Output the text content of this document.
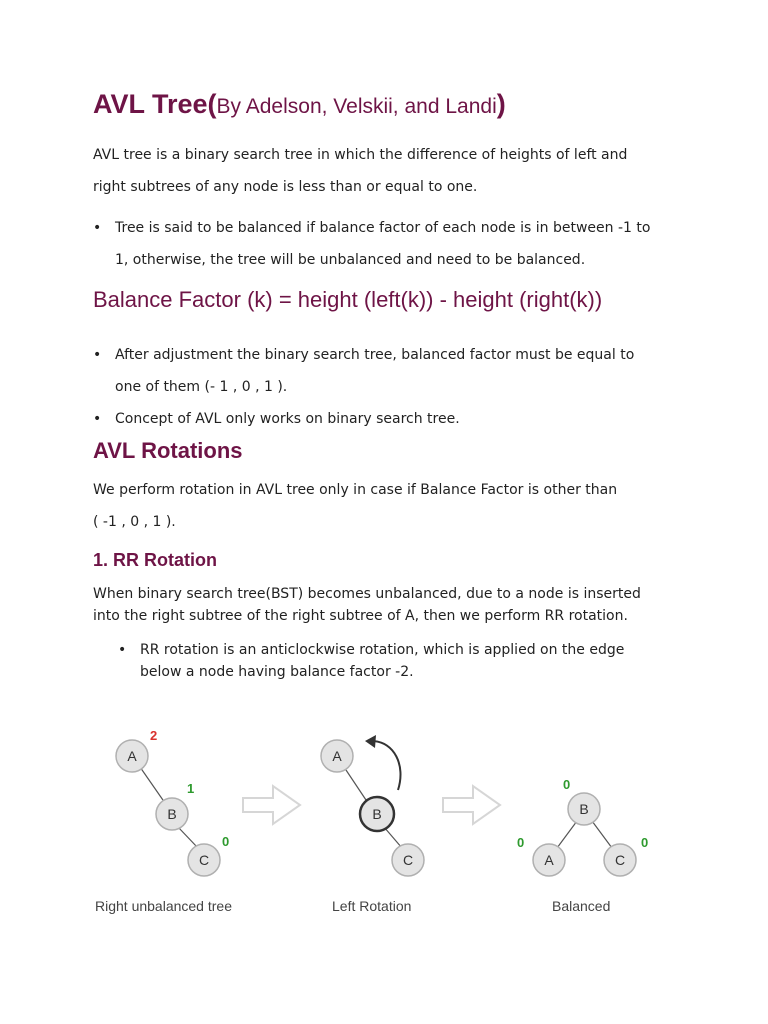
AVL Tree(By Adelson, Velskii, and Landi)

AVL tree is a binary search tree in which the difference of heights of left and
right subtrees of any node is less than or equal to one.

• Tree is said to be balanced if balance factor of each node is in between -1 to
1, otherwise, the tree will be unbalanced and need to be balanced.
Balance Factor (k) = height (left(k)) - height (right(k))
• After adjustment the binary search tree, balanced factor must be equal to
one of them (- 1 , 0 , 1 ).
• Concept of AVL only works on binary search tree.
AVL Rotations

We perform rotation in AVL tree only in case if Balance Factor is other than
( -1 , 0 , 1 ).

1. RR Rotation

When binary search tree(BST) becomes unbalanced, due to a node is inserted
into the right subtree of the right subtree of A, then we perform RR rotation.

• RR rotation is an anticlockwise rotation, which is applied on the edge
below a node having balance factor -2.
A
B
C
2
1
0
Right unbalanced tree
A
B
C
Left Rotation
B
A	C
0
0	0
Balanced
